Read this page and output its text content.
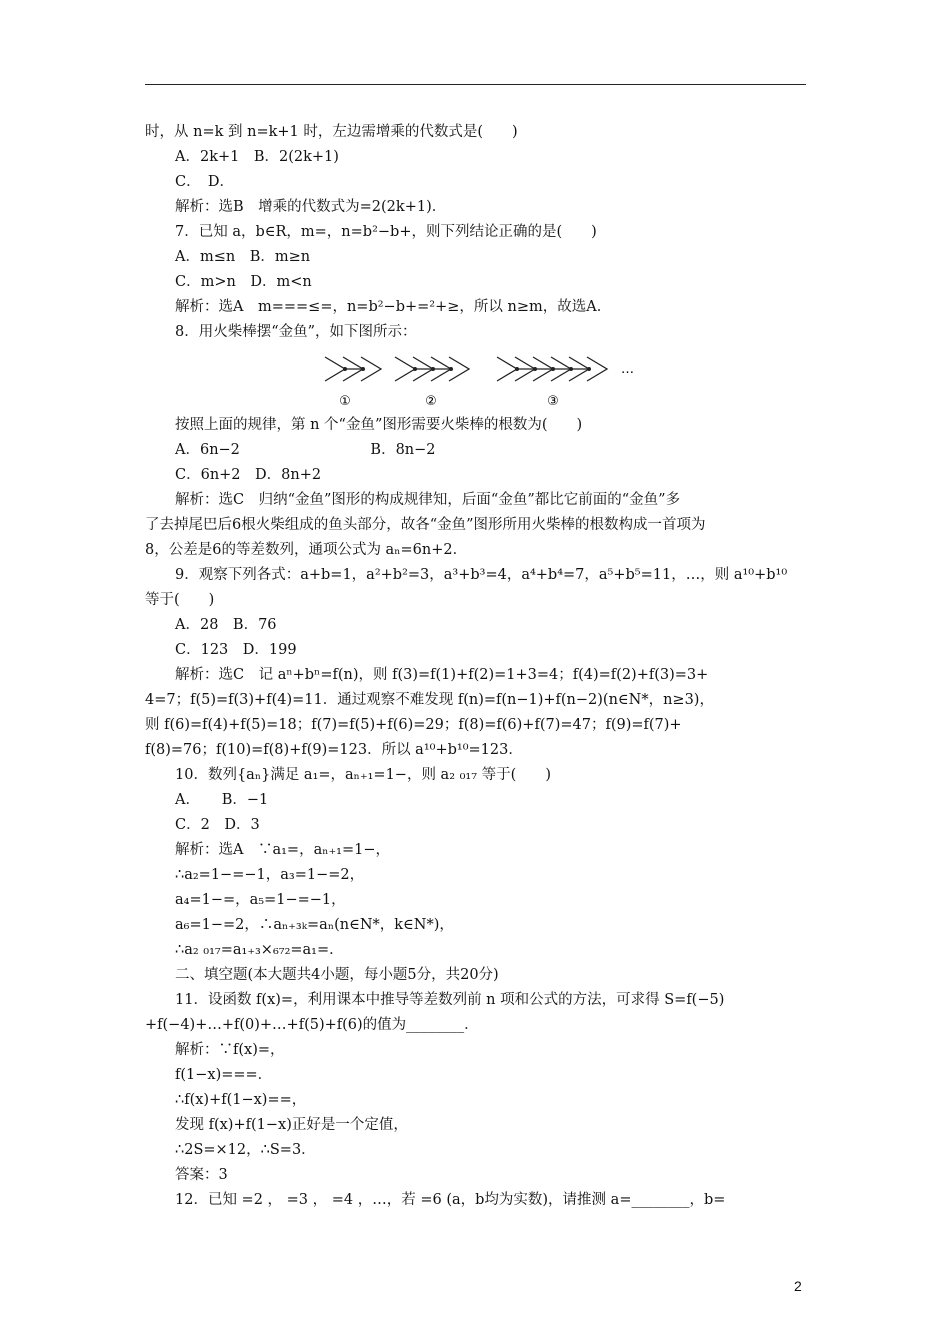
时，从 n=k 到 n=k+1 时，左边需增乘的代数式是(　　)
A．2k+1　B．2(2k+1)
C．　D．
解析：选B　增乘的代数式为=2(2k+1)．
7．已知 a，b∈R，m=，n=b²−b+，则下列结论正确的是(　　)
A．m≤n　B．m≥n
C．m>n　D．m<n
解析：选A　m===≤=，n=b²−b+=²+≥，所以 n≥m，故选A．
8．用火柴棒摆“金鱼”，如下图所示：
…
①	②	③
按照上面的规律，第 n 个“金鱼”图形需要火柴棒的根数为(　　)
A．6n−2　　　　　　　　　B．8n−2
C．6n+2　D．8n+2
解析：选C　归纳“金鱼”图形的构成规律知，后面“金鱼”都比它前面的“金鱼”多
了去掉尾巴后6根火柴组成的鱼头部分，故各“金鱼”图形所用火柴棒的根数构成一首项为
8，公差是6的等差数列，通项公式为 aₙ=6n+2．
9．观察下列各式：a+b=1，a²+b²=3，a³+b³=4，a⁴+b⁴=7，a⁵+b⁵=11，…，则 a¹⁰+b¹⁰
等于(　　)
A．28　B．76
C．123　D．199
解析：选C　记 aⁿ+bⁿ=f(n)，则 f(3)=f(1)+f(2)=1+3=4；f(4)=f(2)+f(3)=3+
4=7；f(5)=f(3)+f(4)=11．通过观察不难发现 f(n)=f(n−1)+f(n−2)(n∈N*，n≥3)，
则 f(6)=f(4)+f(5)=18；f(7)=f(5)+f(6)=29；f(8)=f(6)+f(7)=47；f(9)=f(7)+
f(8)=76；f(10)=f(8)+f(9)=123．所以 a¹⁰+b¹⁰=123．
10．数列{aₙ}满足 a₁=，aₙ₊₁=1−，则 a₂ ₀₁₇ 等于(　　)
A．　　B．−1
C．2　D．3
解析：选A　∵a₁=，aₙ₊₁=1−，
∴a₂=1−=−1，a₃=1−=2，
a₄=1−=，a₅=1−=−1，
a₆=1−=2，∴aₙ₊₃ₖ=aₙ(n∈N*，k∈N*)，
∴a₂ ₀₁₇=a₁₊₃×₆₇₂=a₁=．
二、填空题(本大题共4小题，每小题5分，共20分)
11．设函数 f(x)=，利用课本中推导等差数列前 n 项和公式的方法，可求得 S=f(−5)
+f(−4)+…+f(0)+…+f(5)+f(6)的值为________．
解析：∵f(x)=，
f(1−x)===．
∴f(x)+f(1−x)==，
发现 f(x)+f(1−x)正好是一个定值，
∴2S=×12，∴S=3．
答案：3
12．已知 =2 ， =3 ， =4 ，…，若 =6 (a，b均为实数)，请推测 a=________，b=
2
